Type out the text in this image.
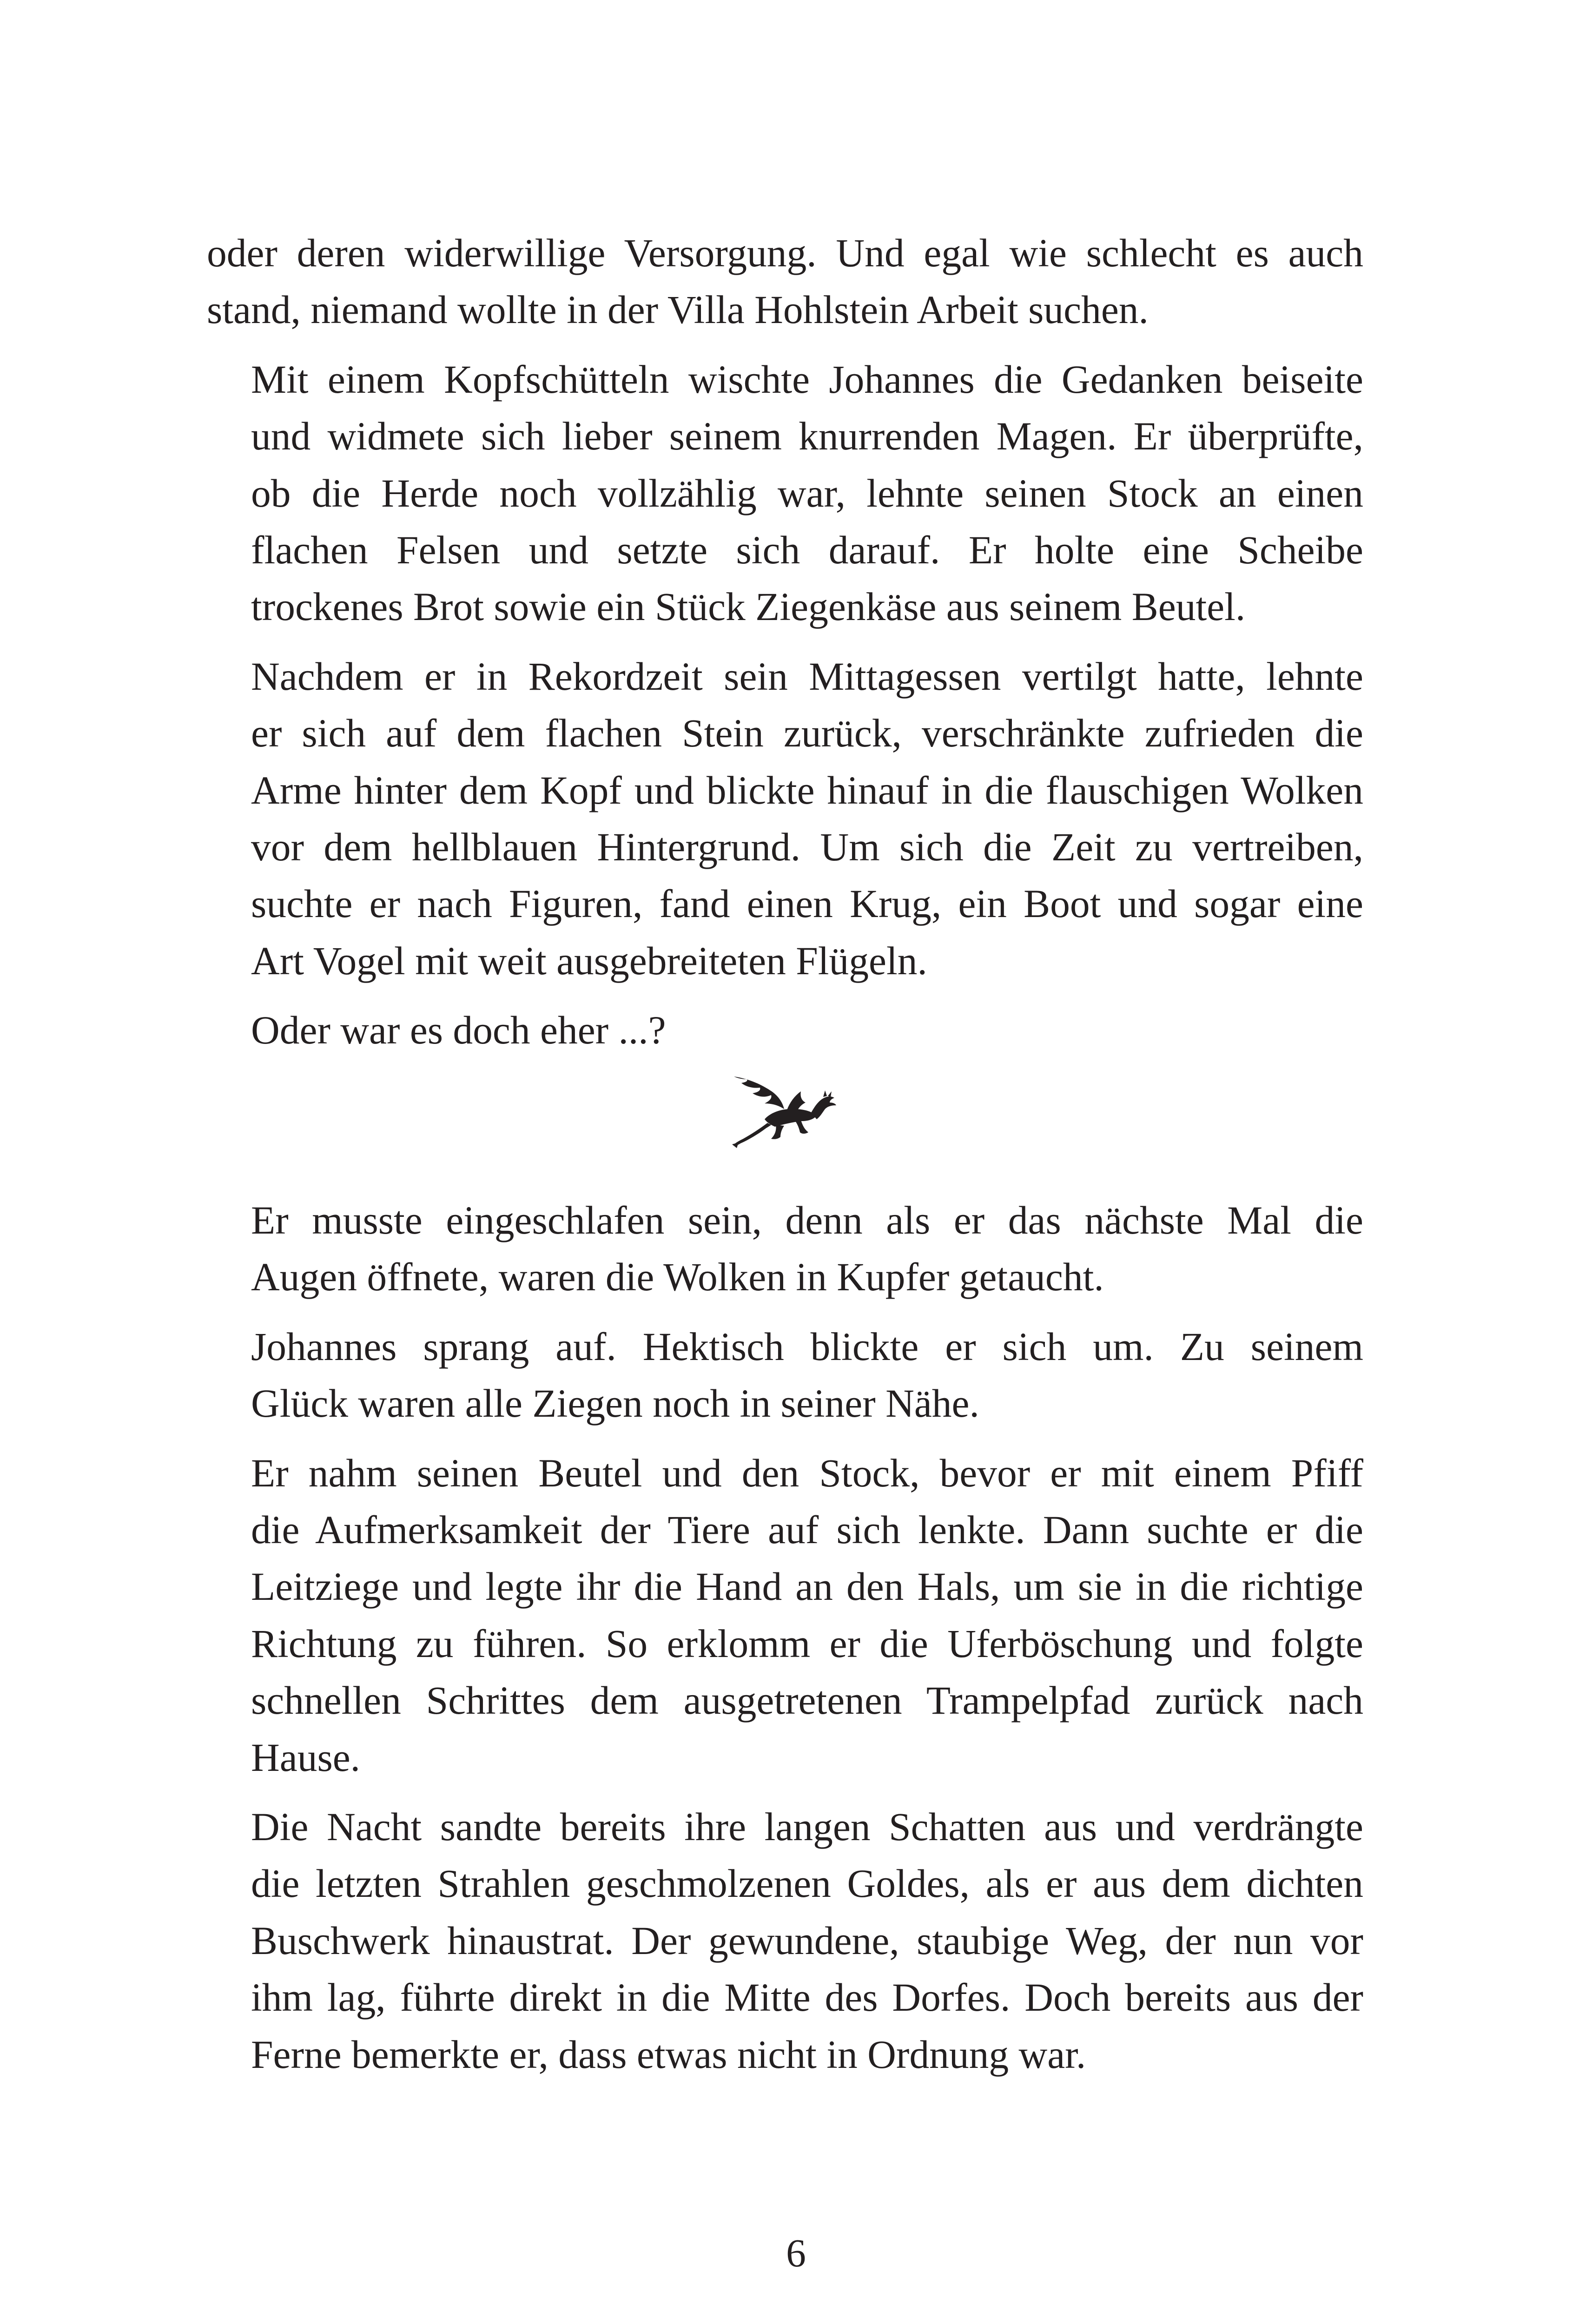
oder deren widerwillige Versorgung. Und egal wie schlecht es auch
stand, niemand wollte in der Villa Hohlstein Arbeit suchen.

Mit einem Kopfschütteln wischte Johannes die Gedanken beiseite
und widmete sich lieber seinem knurrenden Magen. Er überprüfte,
ob die Herde noch vollzählig war, lehnte seinen Stock an einen
flachen Felsen und setzte sich darauf. Er holte eine Scheibe
trockenes Brot sowie ein Stück Ziegenkäse aus seinem Beutel.

Nachdem er in Rekordzeit sein Mittagessen vertilgt hatte, lehnte
er sich auf dem flachen Stein zurück, verschränkte zufrieden die
Arme hinter dem Kopf und blickte hinauf in die flauschigen Wolken
vor dem hellblauen Hintergrund. Um sich die Zeit zu vertreiben,
suchte er nach Figuren, fand einen Krug, ein Boot und sogar eine
Art Vogel mit weit ausgebreiteten Flügeln.

Oder war es doch eher ...?

Er musste eingeschlafen sein, denn als er das nächste Mal die
Augen öffnete, waren die Wolken in Kupfer getaucht.

Johannes sprang auf. Hektisch blickte er sich um. Zu seinem
Glück waren alle Ziegen noch in seiner Nähe.

Er nahm seinen Beutel und den Stock, bevor er mit einem Pfiff
die Aufmerksamkeit der Tiere auf sich lenkte. Dann suchte er die
Leitziege und legte ihr die Hand an den Hals, um sie in die richtige
Richtung zu führen. So erklomm er die Uferböschung und folgte
schnellen Schrittes dem ausgetretenen Trampelpfad zurück nach
Hause.

Die Nacht sandte bereits ihre langen Schatten aus und verdrängte
die letzten Strahlen geschmolzenen Goldes, als er aus dem dichten
Buschwerk hinaustrat. Der gewundene, staubige Weg, der nun vor
ihm lag, führte direkt in die Mitte des Dorfes. Doch bereits aus der
Ferne bemerkte er, dass etwas nicht in Ordnung war.

6
